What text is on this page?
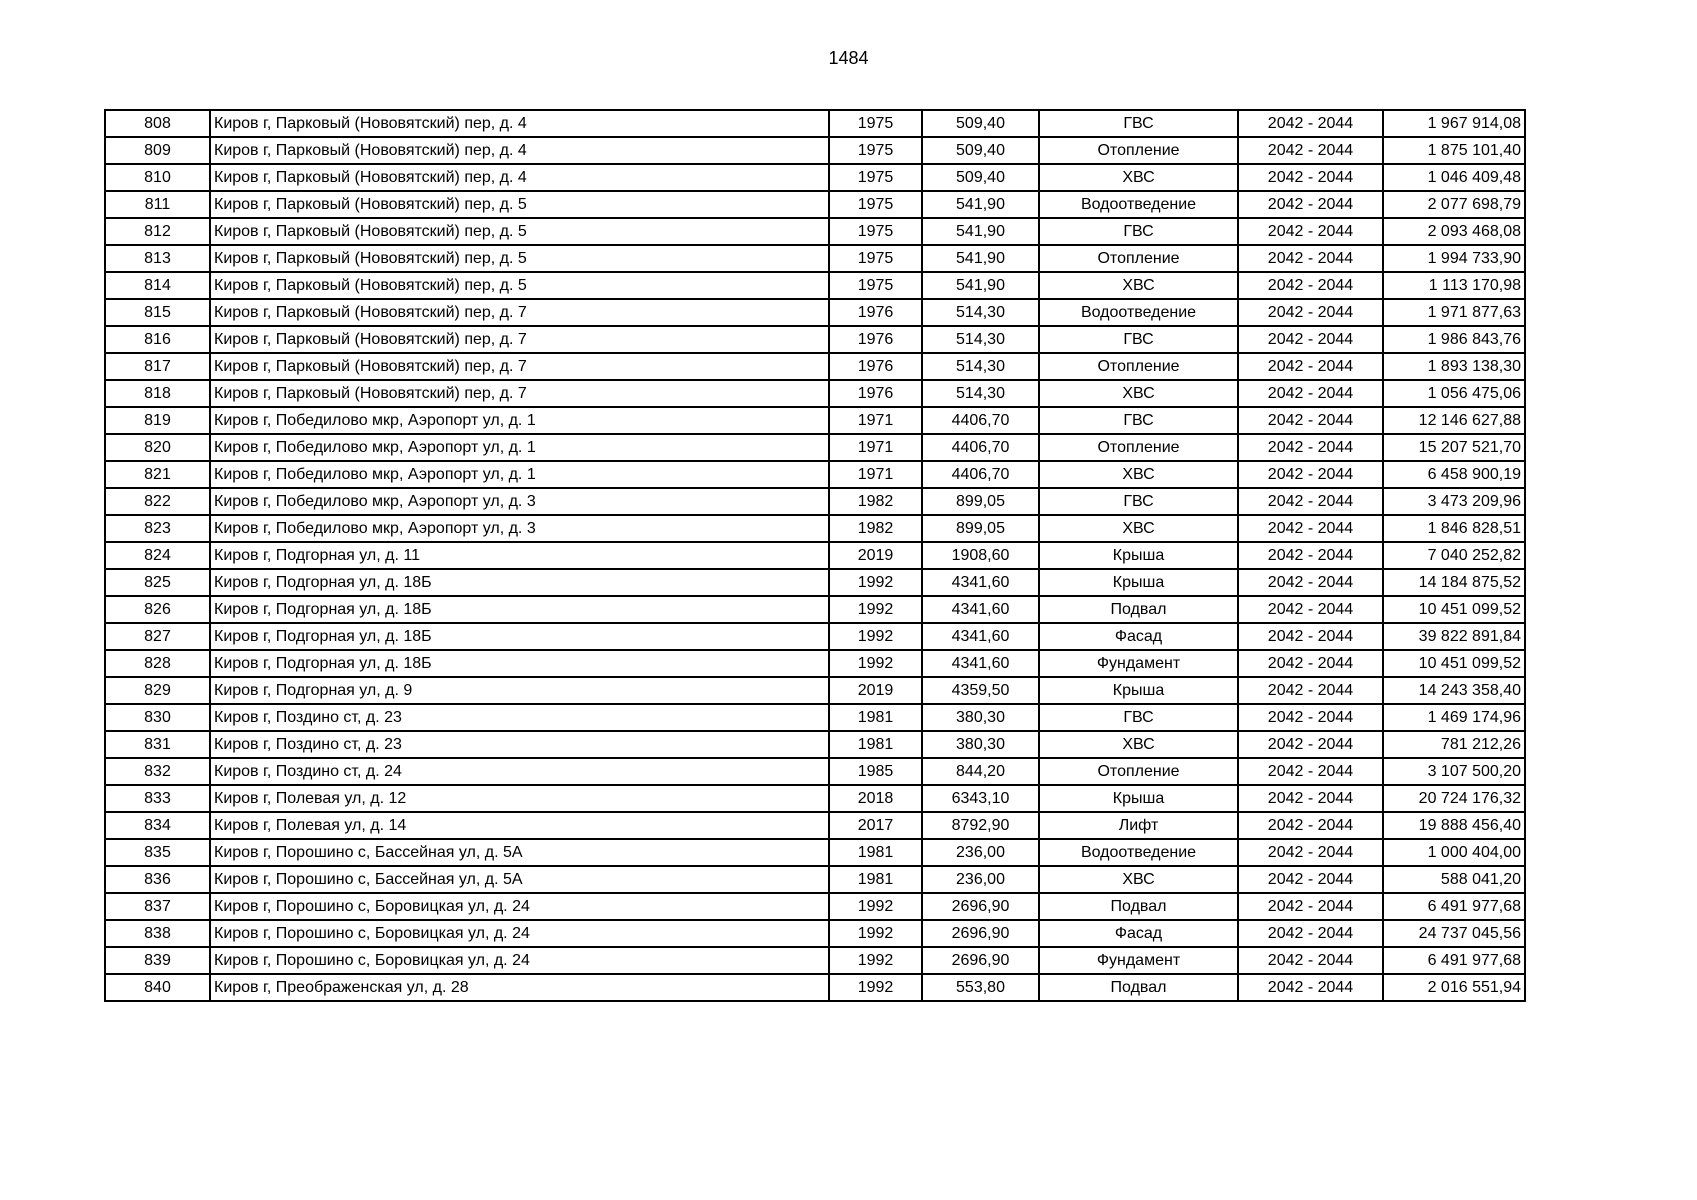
1484
808	Киров г, Парковый (Нововятский) пер, д. 4	1975	509,40	ГВС	2042 - 2044	1 967 914,08
809	Киров г, Парковый (Нововятский) пер, д. 4	1975	509,40	Отопление	2042 - 2044	1 875 101,40
810	Киров г, Парковый (Нововятский) пер, д. 4	1975	509,40	ХВС	2042 - 2044	1 046 409,48
811	Киров г, Парковый (Нововятский) пер, д. 5	1975	541,90	Водоотведение	2042 - 2044	2 077 698,79
812	Киров г, Парковый (Нововятский) пер, д. 5	1975	541,90	ГВС	2042 - 2044	2 093 468,08
813	Киров г, Парковый (Нововятский) пер, д. 5	1975	541,90	Отопление	2042 - 2044	1 994 733,90
814	Киров г, Парковый (Нововятский) пер, д. 5	1975	541,90	ХВС	2042 - 2044	1 113 170,98
815	Киров г, Парковый (Нововятский) пер, д. 7	1976	514,30	Водоотведение	2042 - 2044	1 971 877,63
816	Киров г, Парковый (Нововятский) пер, д. 7	1976	514,30	ГВС	2042 - 2044	1 986 843,76
817	Киров г, Парковый (Нововятский) пер, д. 7	1976	514,30	Отопление	2042 - 2044	1 893 138,30
818	Киров г, Парковый (Нововятский) пер, д. 7	1976	514,30	ХВС	2042 - 2044	1 056 475,06
819	Киров г, Победилово мкр, Аэропорт ул, д. 1	1971	4406,70	ГВС	2042 - 2044	12 146 627,88
820	Киров г, Победилово мкр, Аэропорт ул, д. 1	1971	4406,70	Отопление	2042 - 2044	15 207 521,70
821	Киров г, Победилово мкр, Аэропорт ул, д. 1	1971	4406,70	ХВС	2042 - 2044	6 458 900,19
822	Киров г, Победилово мкр, Аэропорт ул, д. 3	1982	899,05	ГВС	2042 - 2044	3 473 209,96
823	Киров г, Победилово мкр, Аэропорт ул, д. 3	1982	899,05	ХВС	2042 - 2044	1 846 828,51
824	Киров г, Подгорная ул, д. 11	2019	1908,60	Крыша	2042 - 2044	7 040 252,82
825	Киров г, Подгорная ул, д. 18Б	1992	4341,60	Крыша	2042 - 2044	14 184 875,52
826	Киров г, Подгорная ул, д. 18Б	1992	4341,60	Подвал	2042 - 2044	10 451 099,52
827	Киров г, Подгорная ул, д. 18Б	1992	4341,60	Фасад	2042 - 2044	39 822 891,84
828	Киров г, Подгорная ул, д. 18Б	1992	4341,60	Фундамент	2042 - 2044	10 451 099,52
829	Киров г, Подгорная ул, д. 9	2019	4359,50	Крыша	2042 - 2044	14 243 358,40
830	Киров г, Поздино ст, д. 23	1981	380,30	ГВС	2042 - 2044	1 469 174,96
831	Киров г, Поздино ст, д. 23	1981	380,30	ХВС	2042 - 2044	781 212,26
832	Киров г, Поздино ст, д. 24	1985	844,20	Отопление	2042 - 2044	3 107 500,20
833	Киров г, Полевая ул, д. 12	2018	6343,10	Крыша	2042 - 2044	20 724 176,32
834	Киров г, Полевая ул, д. 14	2017	8792,90	Лифт	2042 - 2044	19 888 456,40
835	Киров г, Порошино с, Бассейная ул, д. 5А	1981	236,00	Водоотведение	2042 - 2044	1 000 404,00
836	Киров г, Порошино с, Бассейная ул, д. 5А	1981	236,00	ХВС	2042 - 2044	588 041,20
837	Киров г, Порошино с, Боровицкая ул, д. 24	1992	2696,90	Подвал	2042 - 2044	6 491 977,68
838	Киров г, Порошино с, Боровицкая ул, д. 24	1992	2696,90	Фасад	2042 - 2044	24 737 045,56
839	Киров г, Порошино с, Боровицкая ул, д. 24	1992	2696,90	Фундамент	2042 - 2044	6 491 977,68
840	Киров г, Преображенская ул, д. 28	1992	553,80	Подвал	2042 - 2044	2 016 551,94
